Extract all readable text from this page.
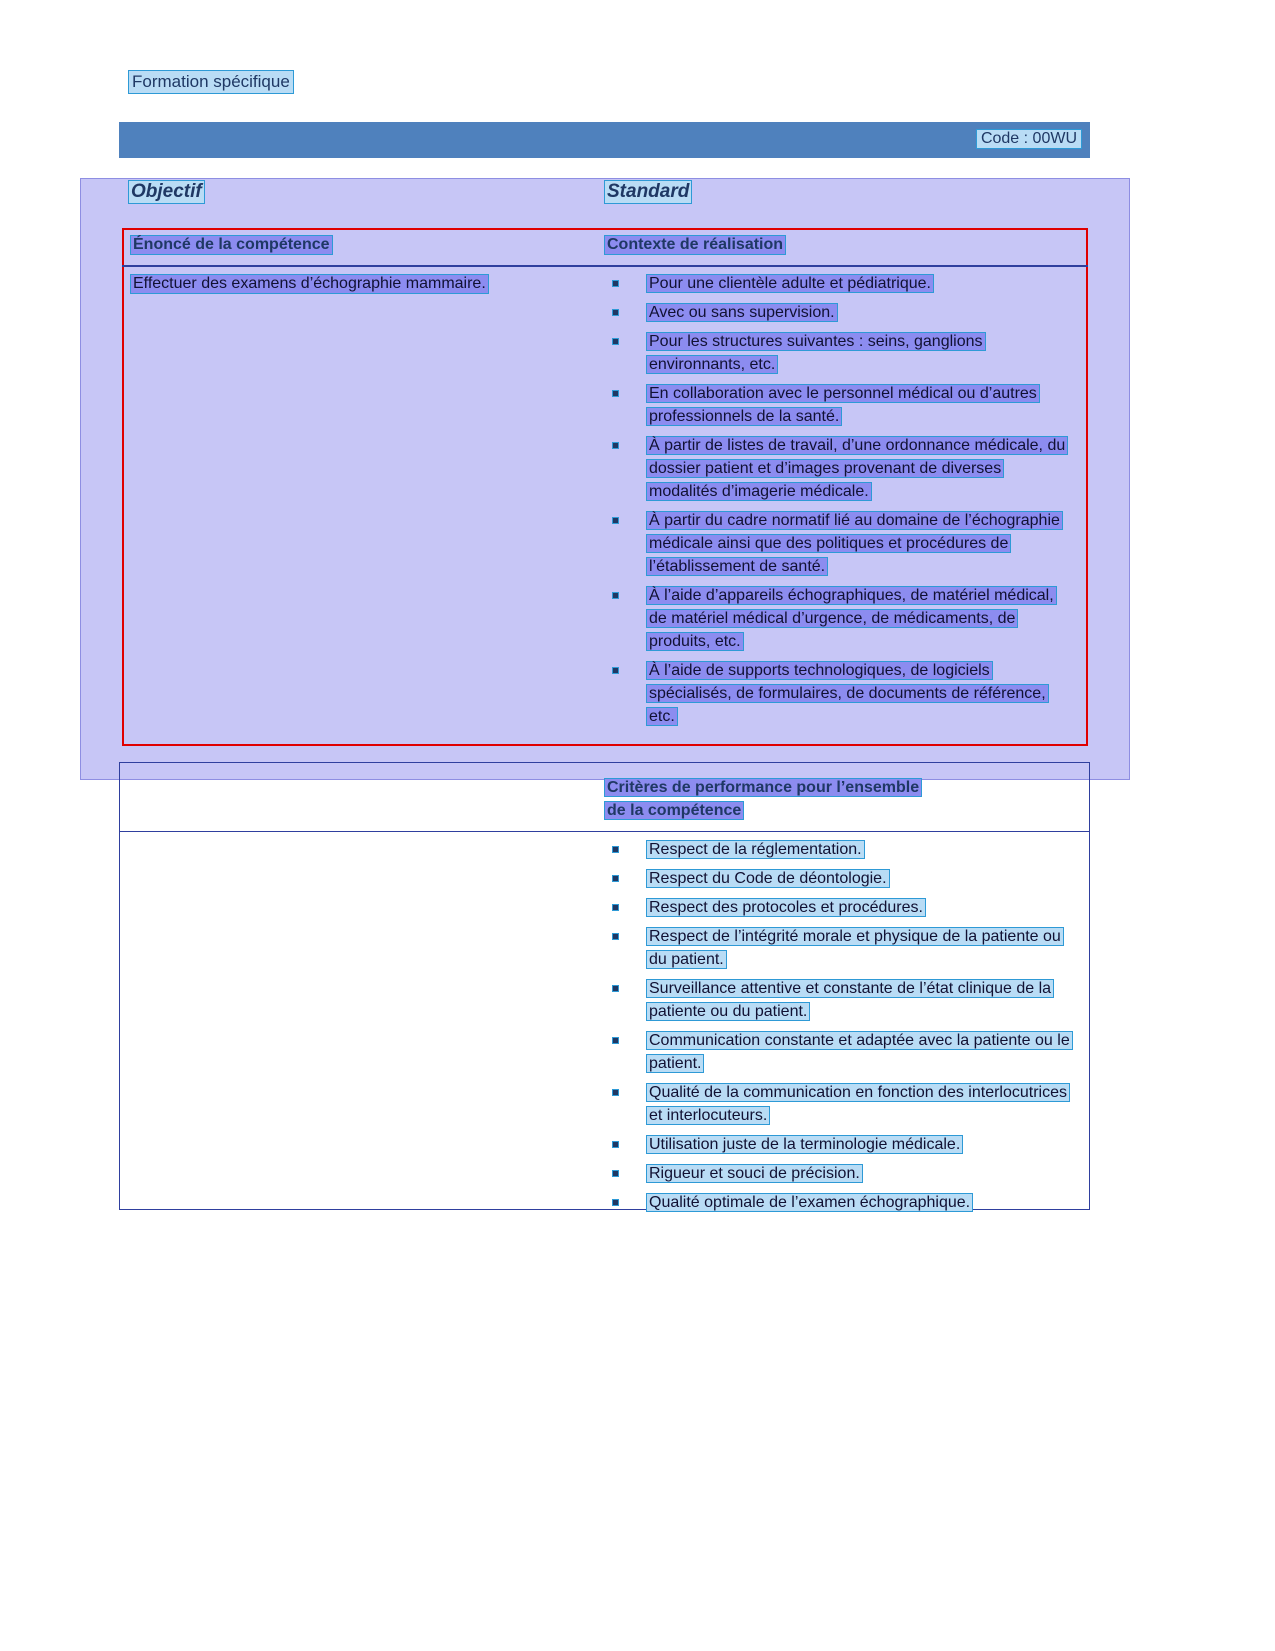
Formation spécifique
Code : 00WU
Objectif	Standard
Énoncé de la compétence	Contexte de réalisation
Effectuer des examens d’échographie mammaire.	Pour une clientèle adulte et pédiatrique.
Avec ou sans supervision.
Pour les structures suivantes : seins, ganglions environnants, etc.
En collaboration avec le personnel médical ou d’autres professionnels de la santé.
À partir de listes de travail, d’une ordonnance médicale, du dossier patient et d’images provenant de diverses modalités d’imagerie médicale.
À partir du cadre normatif lié au domaine de l’échographie médicale ainsi que des politiques et procédures de l’établissement de santé.
À l’aide d’appareils échographiques, de matériel médical, de matériel médical d’urgence, de médicaments, de produits, etc.
À l’aide de supports technologiques, de logiciels spécialisés, de formulaires, de documents de référence, etc.
Critères de performance pour l’ensemble
de la compétence
Respect de la réglementation.
Respect du Code de déontologie.
Respect des protocoles et procédures.
Respect de l’intégrité morale et physique de la patiente ou du patient.
Surveillance attentive et constante de l’état clinique de la patiente ou du patient.
Communication constante et adaptée avec la patiente ou le patient.
Qualité de la communication en fonction des interlocutrices et interlocuteurs.
Utilisation juste de la terminologie médicale.
Rigueur et souci de précision.
Qualité optimale de l’examen échographique.
